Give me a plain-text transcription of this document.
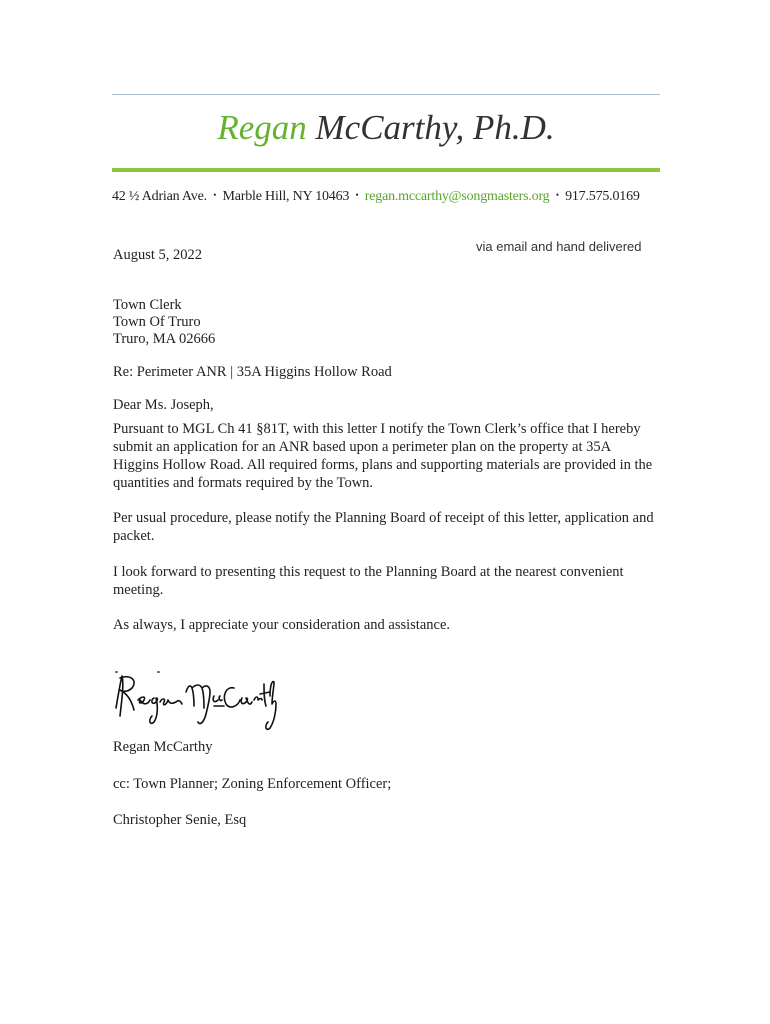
Regan McCarthy, Ph.D.
42 ½ Adrian Ave. • Marble Hill, NY 10463 • regan.mccarthy@songmasters.org • 917.575.0169
August 5, 2022
via email and hand delivered
Town Clerk
Town Of Truro
Truro, MA 02666
Re: Perimeter ANR | 35A Higgins Hollow Road
Dear Ms. Joseph,

Pursuant to MGL Ch 41 §81T, with this letter I notify the Town Clerk’s office that I hereby submit an application for an ANR based upon a perimeter plan on the property at 35A Higgins Hollow Road. All required forms, plans and supporting materials are provided in the quantities and formats required by the Town.

Per usual procedure, please notify the Planning Board of receipt of this letter, application and packet.

I look forward to presenting this request to the Planning Board at the nearest convenient meeting.

As always, I appreciate your consideration and assistance.

Regan McCarthy
cc: Town Planner; Zoning Enforcement Officer;
Christopher Senie, Esq
